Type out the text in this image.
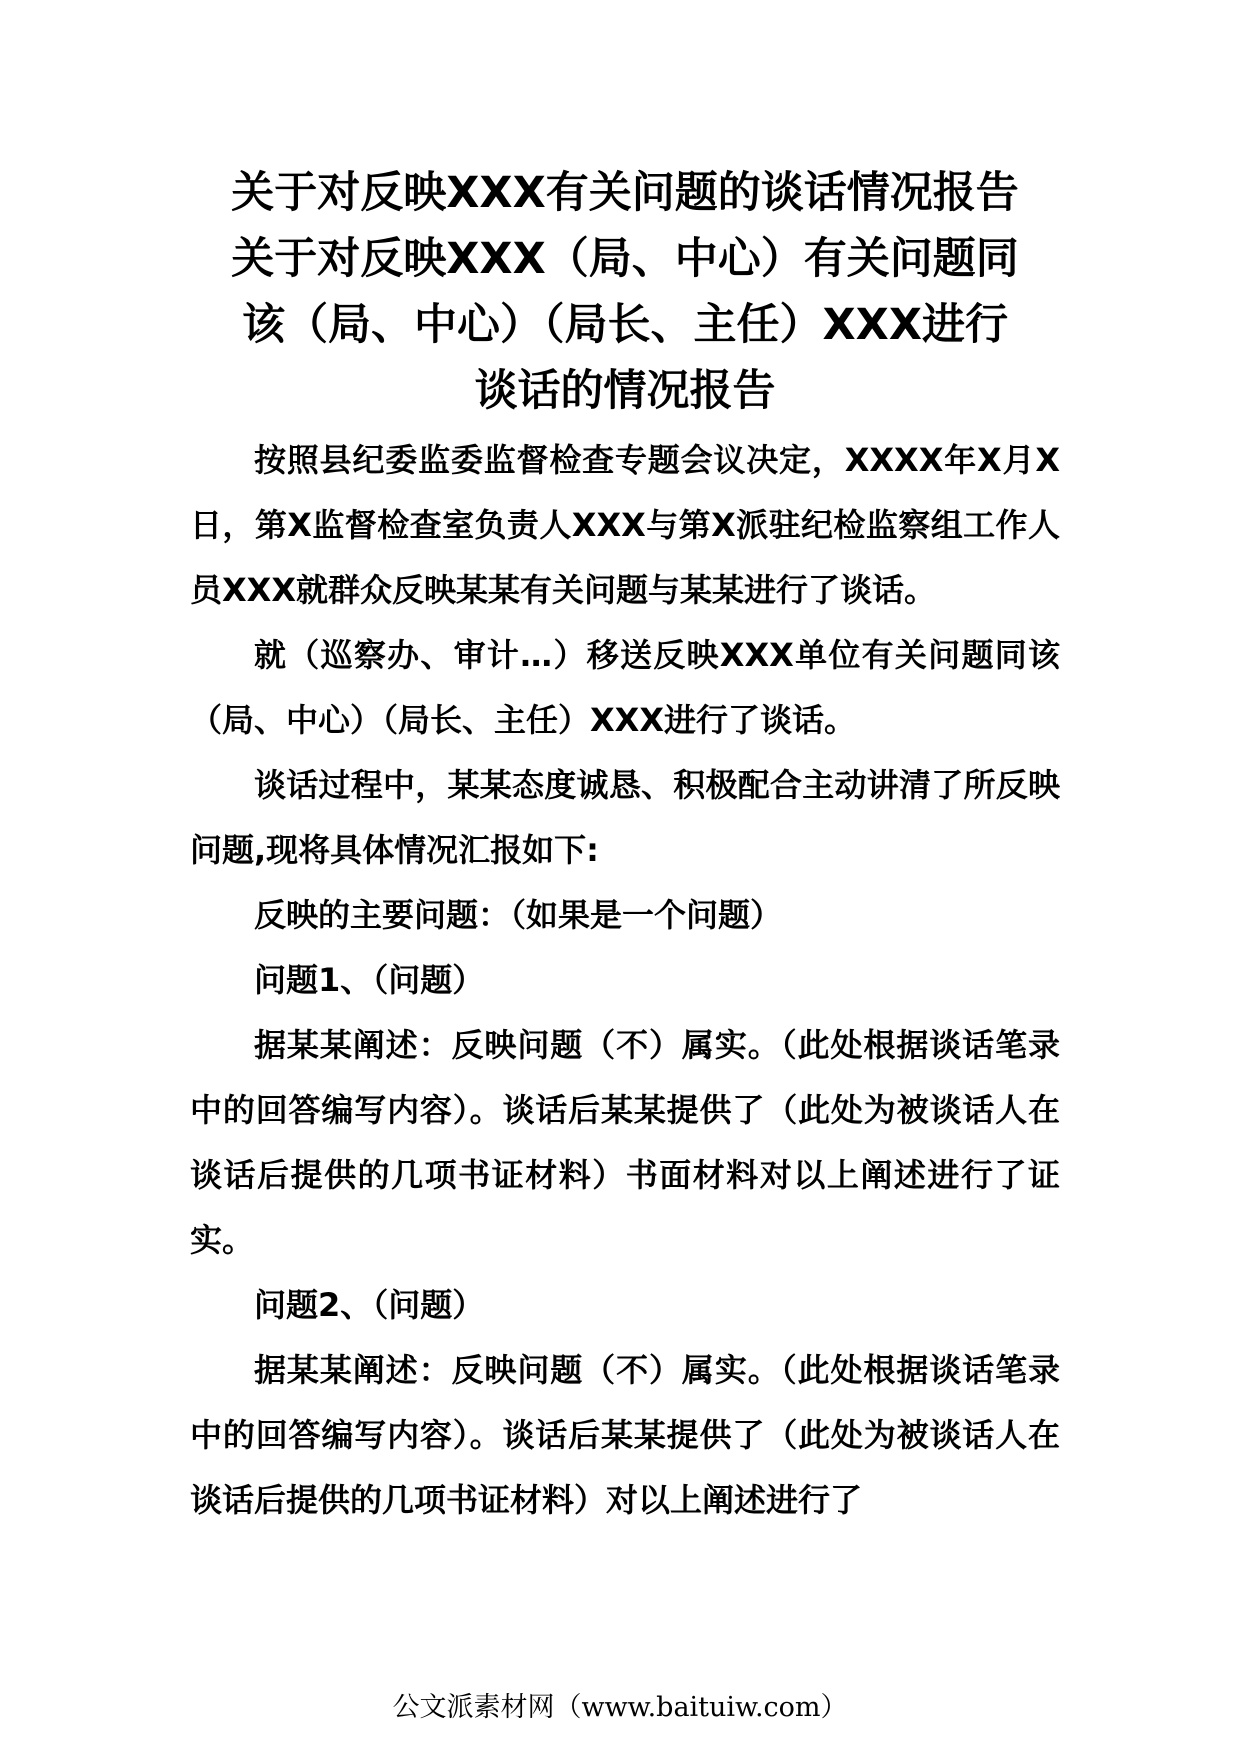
关于对反映XXX有关问题的谈话情况报告
关于对反映XXX（局、中心）有关问题同
该（局、中心）（局长、主任）XXX进行
谈话的情况报告

按照县纪委监委监督检查专题会议决定，XXXX年X月X日，第X监督检查室负责人XXX与第X派驻纪检监察组工作人员XXX就群众反映某某有关问题与某某进行了谈话。

就（巡察办、审计…）移送反映XXX单位有关问题同该（局、中心）（局长、主任）XXX进行了谈话。

谈话过程中，某某态度诚恳、积极配合主动讲清了所反映问题,现将具体情况汇报如下:

反映的主要问题：（如果是一个问题）

问题1、（问题）

据某某阐述：反映问题（不）属实。（此处根据谈话笔录中的回答编写内容）。谈话后某某提供了（此处为被谈话人在谈话后提供的几项书证材料）书面材料对以上阐述进行了证实。

问题2、（问题）

据某某阐述：反映问题（不）属实。（此处根据谈话笔录中的回答编写内容）。谈话后某某提供了（此处为被谈话人在谈话后提供的几项书证材料）对以上阐述进行了

公文派素材网（www.baituiw.com）
